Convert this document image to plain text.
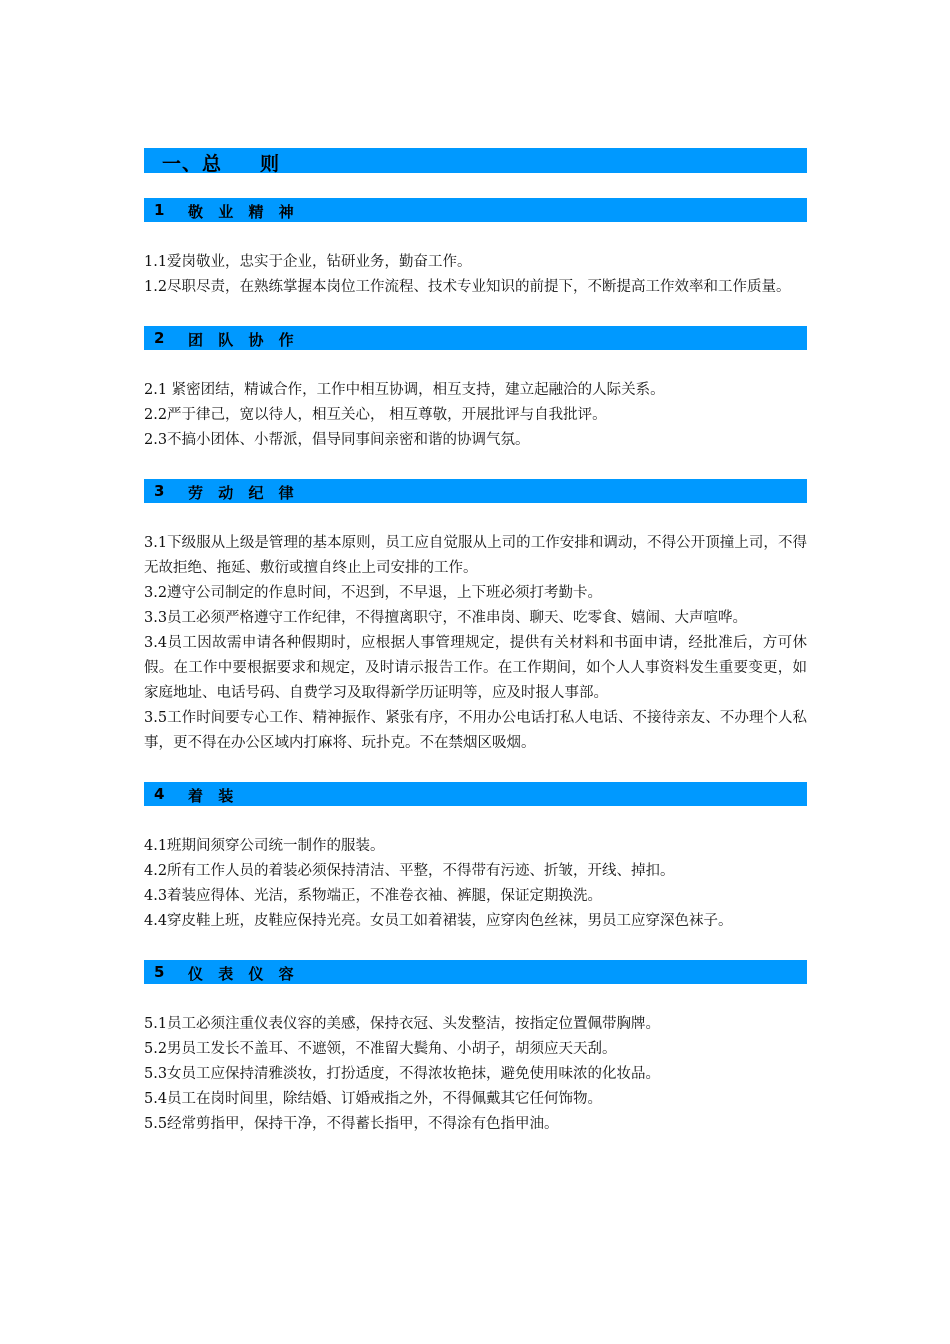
一、总 则
1 敬 业 精 神
1.1爱岗敬业，忠实于企业，钻研业务，勤奋工作。
1.2尽职尽责，在熟练掌握本岗位工作流程、技术专业知识的前提下，不断提高工作效率和工作质量。
2 团 队 协 作
2.1 紧密团结，精诚合作，工作中相互协调，相互支持，建立起融洽的人际关系。
2.2严于律己，宽以待人，相互关心， 相互尊敬，开展批评与自我批评。
2.3不搞小团体、小帮派，倡导同事间亲密和谐的协调气氛。
3 劳 动 纪 律
3.1下级服从上级是管理的基本原则，员工应自觉服从上司的工作安排和调动，不得公开顶撞上司，不得无故拒绝、拖延、敷衍或擅自终止上司安排的工作。
3.2遵守公司制定的作息时间，不迟到，不早退，上下班必须打考勤卡。
3.3员工必须严格遵守工作纪律，不得擅离职守，不准串岗、聊天、吃零食、嬉闹、大声喧哗。
3.4员工因故需申请各种假期时，应根据人事管理规定，提供有关材料和书面申请，经批准后，方可休假。在工作中要根据要求和规定，及时请示报告工作。在工作期间，如个人人事资料发生重要变更，如家庭地址、电话号码、自费学习及取得新学历证明等，应及时报人事部。
3.5工作时间要专心工作、精神振作、紧张有序，不用办公电话打私人电话、不接待亲友、不办理个人私事，更不得在办公区域内打麻将、玩扑克。不在禁烟区吸烟。
4 着 装
4.1班期间须穿公司统一制作的服装。
4.2所有工作人员的着装必须保持清洁、平整，不得带有污迹、折皱，开线、掉扣。
4.3着装应得体、光洁，系物端正，不准卷衣袖、裤腿，保证定期换洗。
4.4穿皮鞋上班，皮鞋应保持光亮。女员工如着裙装，应穿肉色丝袜，男员工应穿深色袜子。
5 仪 表 仪 容
5.1员工必须注重仪表仪容的美感，保持衣冠、头发整洁，按指定位置佩带胸牌。
5.2男员工发长不盖耳、不遮领，不准留大鬓角、小胡子，胡须应天天刮。
5.3女员工应保持清雅淡妆，打扮适度，不得浓妆艳抹，避免使用味浓的化妆品。
5.4员工在岗时间里，除结婚、订婚戒指之外，不得佩戴其它任何饰物。
5.5经常剪指甲，保持干净，不得蓄长指甲，不得涂有色指甲油。
